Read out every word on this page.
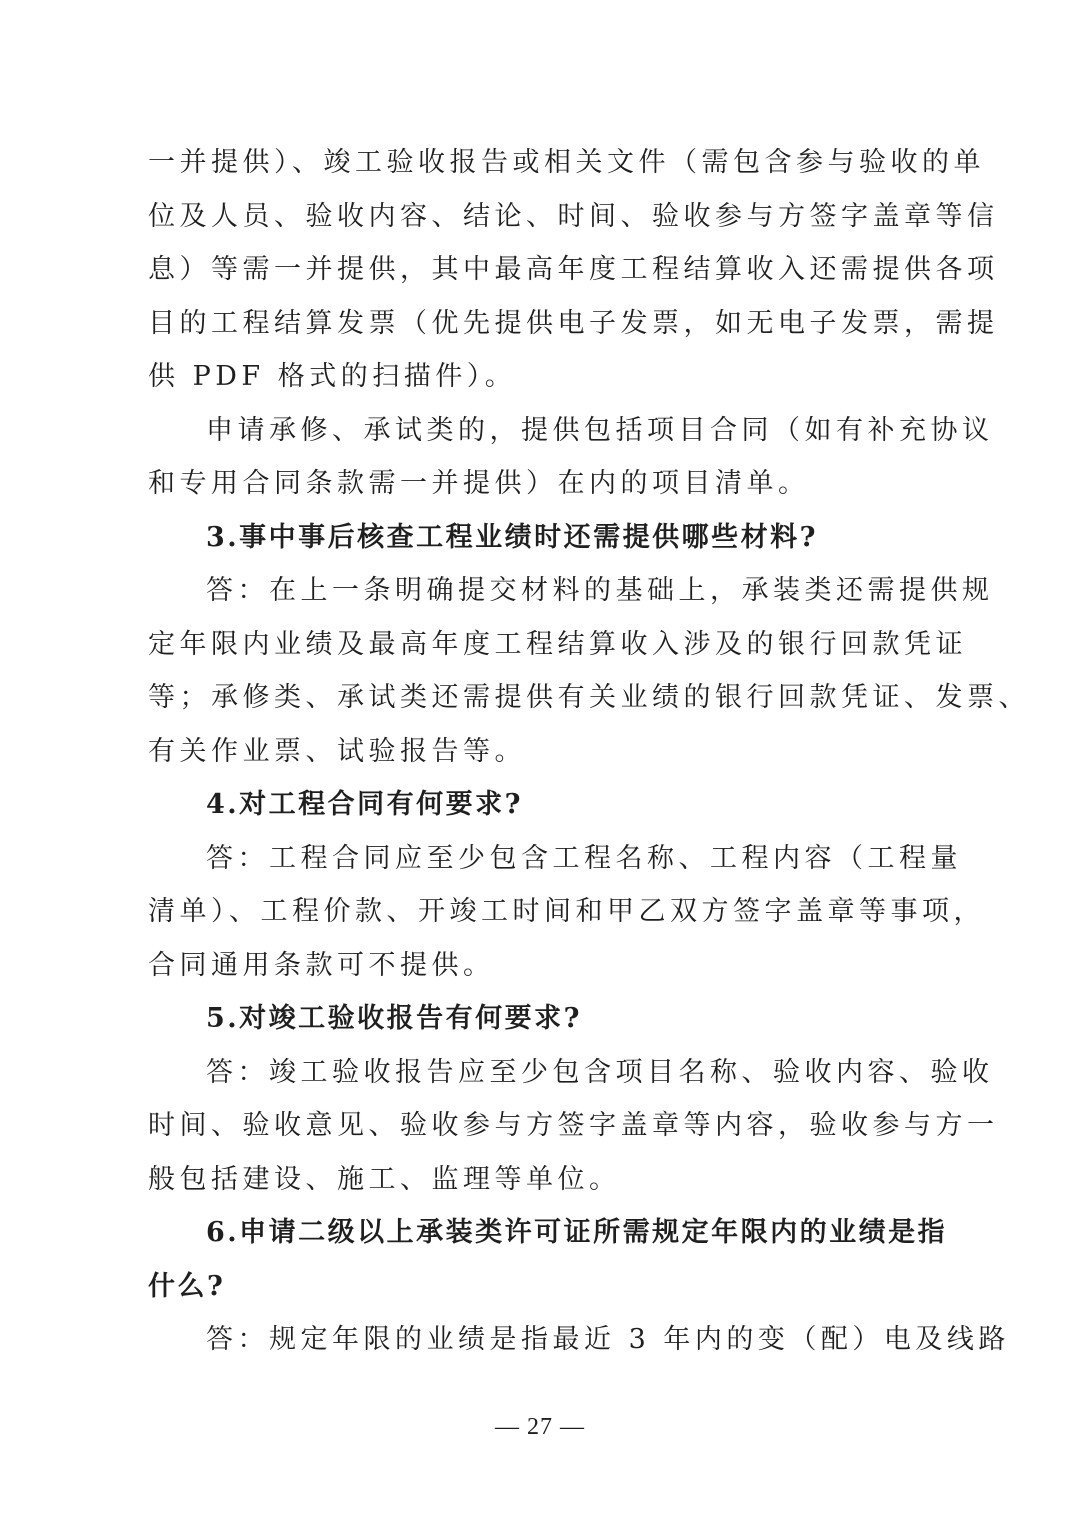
一并提供）、竣工验收报告或相关文件（需包含参与验收的单
位及人员、验收内容、结论、时间、验收参与方签字盖章等信
息）等需一并提供，其中最高年度工程结算收入还需提供各项
目的工程结算发票（优先提供电子发票，如无电子发票，需提
供 PDF 格式的扫描件）。
申请承修、承试类的，提供包括项目合同（如有补充协议
和专用合同条款需一并提供）在内的项目清单。
3.事中事后核查工程业绩时还需提供哪些材料?
答：在上一条明确提交材料的基础上，承装类还需提供规
定年限内业绩及最高年度工程结算收入涉及的银行回款凭证
等；承修类、承试类还需提供有关业绩的银行回款凭证、发票、
有关作业票、试验报告等。
4.对工程合同有何要求?
答：工程合同应至少包含工程名称、工程内容（工程量
清单）、工程价款、开竣工时间和甲乙双方签字盖章等事项，
合同通用条款可不提供。
5.对竣工验收报告有何要求?
答：竣工验收报告应至少包含项目名称、验收内容、验收
时间、验收意见、验收参与方签字盖章等内容，验收参与方一
般包括建设、施工、监理等单位。
6.申请二级以上承装类许可证所需规定年限内的业绩是指
什么?
答：规定年限的业绩是指最近 3 年内的变（配）电及线路
— 27 —
